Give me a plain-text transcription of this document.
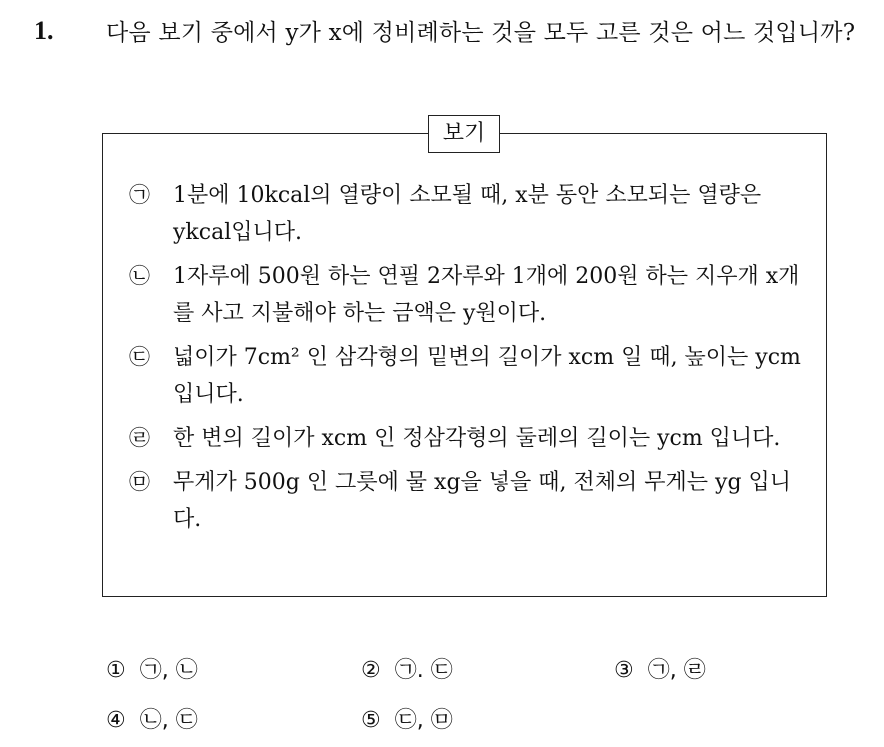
1. 다음 보기 중에서 y가 x에 정비례하는 것을 모두 고른 것은 어느 것입니까?
보기
㉠	1분에 10kcal의 열량이 소모될 때, x분 동안 소모되는 열량은 ykcal입니다.
㉡	1자루에 500원 하는 연필 2자루와 1개에 200원 하는 지우개 x개를 사고 지불해야 하는 금액은 y원이다.
㉢	넓이가 7cm² 인 삼각형의 밑변의 길이가 xcm 일 때, 높이는 ycm 입니다.
㉣	한 변의 길이가 xcm 인 정삼각형의 둘레의 길이는 ycm 입니다.
㉤	무게가 500g 인 그릇에 물 xg을 넣을 때, 전체의 무게는 yg 입니다.
① ㉠, ㉡	② ㉠. ㉢	③ ㉠, ㉣
④ ㉡, ㉢	⑤ ㉢, ㉤
